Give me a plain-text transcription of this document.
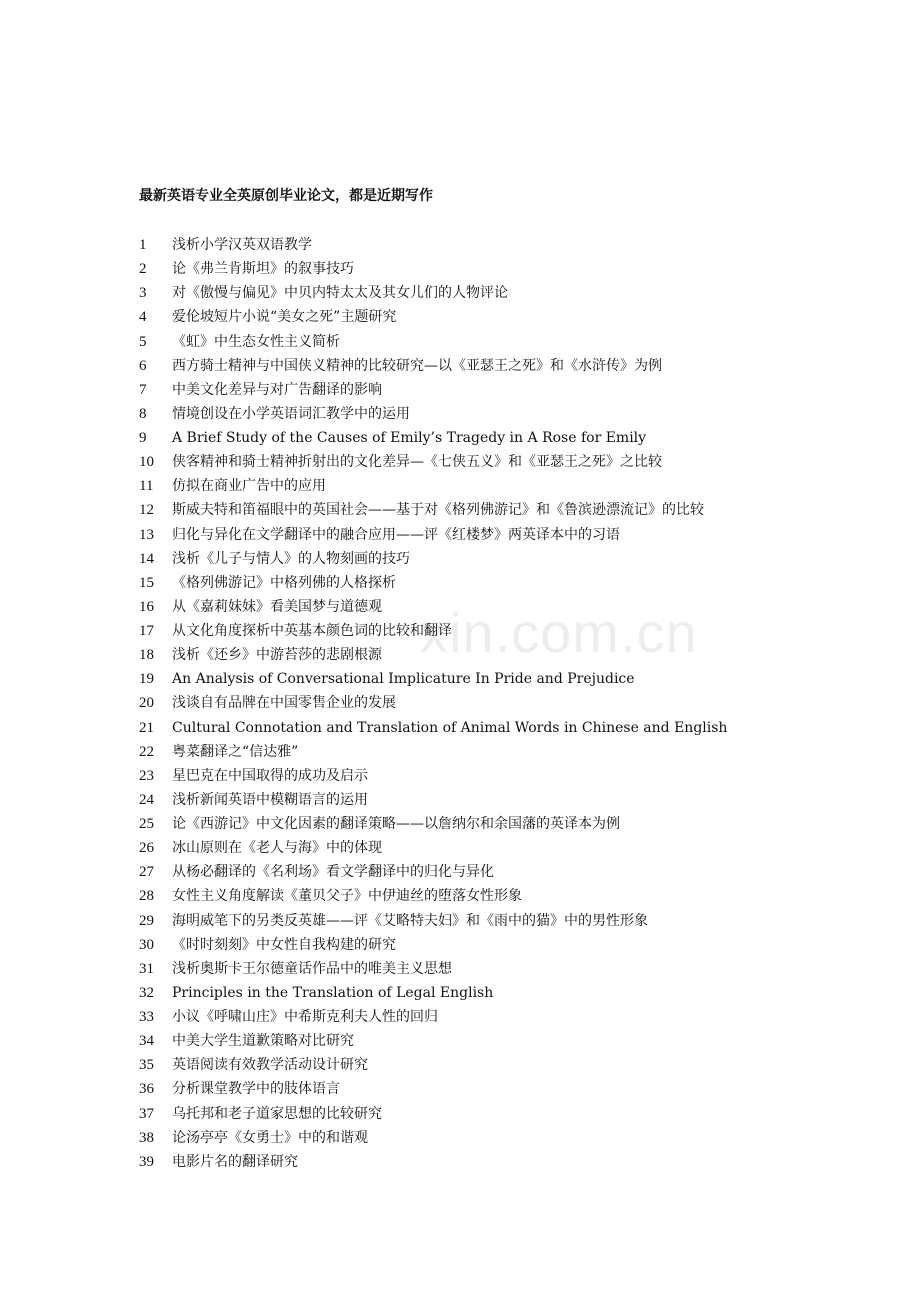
最新英语专业全英原创毕业论文，都是近期写作
1 浅析小学汉英双语教学
2 论《弗兰肯斯坦》的叙事技巧
3 对《傲慢与偏见》中贝内特太太及其女儿们的人物评论
4 爱伦坡短片小说“美女之死”主题研究
5 《虹》中生态女性主义简析
6 西方骑士精神与中国侠义精神的比较研究—以《亚瑟王之死》和《水浒传》为例
7 中美文化差异与对广告翻译的影响
8 情境创设在小学英语词汇教学中的运用
9 A Brief Study of the Causes of Emily’s Tragedy in A Rose for Emily
10 侠客精神和骑士精神折射出的文化差异—《七侠五义》和《亚瑟王之死》之比较
11 仿拟在商业广告中的应用
12 斯威夫特和笛福眼中的英国社会——基于对《格列佛游记》和《鲁滨逊漂流记》的比较
13 归化与异化在文学翻译中的融合应用——评《红楼梦》两英译本中的习语
14 浅析《儿子与情人》的人物刻画的技巧
15 《格列佛游记》中格列佛的人格探析
16 从《嘉莉妹妹》看美国梦与道德观
17 从文化角度探析中英基本颜色词的比较和翻译
18 浅析《还乡》中游苔莎的悲剧根源
19 An Analysis of Conversational Implicature In Pride and Prejudice
20 浅谈自有品牌在中国零售企业的发展
21 Cultural Connotation and Translation of Animal Words in Chinese and English
22 粤菜翻译之“信达雅”
23 星巴克在中国取得的成功及启示
24 浅析新闻英语中模糊语言的运用
25 论《西游记》中文化因素的翻译策略——以詹纳尔和余国藩的英译本为例
26 冰山原则在《老人与海》中的体现
27 从杨必翻译的《名利场》看文学翻译中的归化与异化
28 女性主义角度解读《董贝父子》中伊迪丝的堕落女性形象
29 海明威笔下的另类反英雄——评《艾略特夫妇》和《雨中的猫》中的男性形象
30 《时时刻刻》中女性自我构建的研究
31 浅析奥斯卡王尔德童话作品中的唯美主义思想
32 Principles in the Translation of Legal English
33 小议《呼啸山庄》中希斯克利夫人性的回归
34 中美大学生道歉策略对比研究
35 英语阅读有效教学活动设计研究
36 分析课堂教学中的肢体语言
37 乌托邦和老子道家思想的比较研究
38 论汤亭亭《女勇士》中的和谐观
39 电影片名的翻译研究
xin.com.cn
